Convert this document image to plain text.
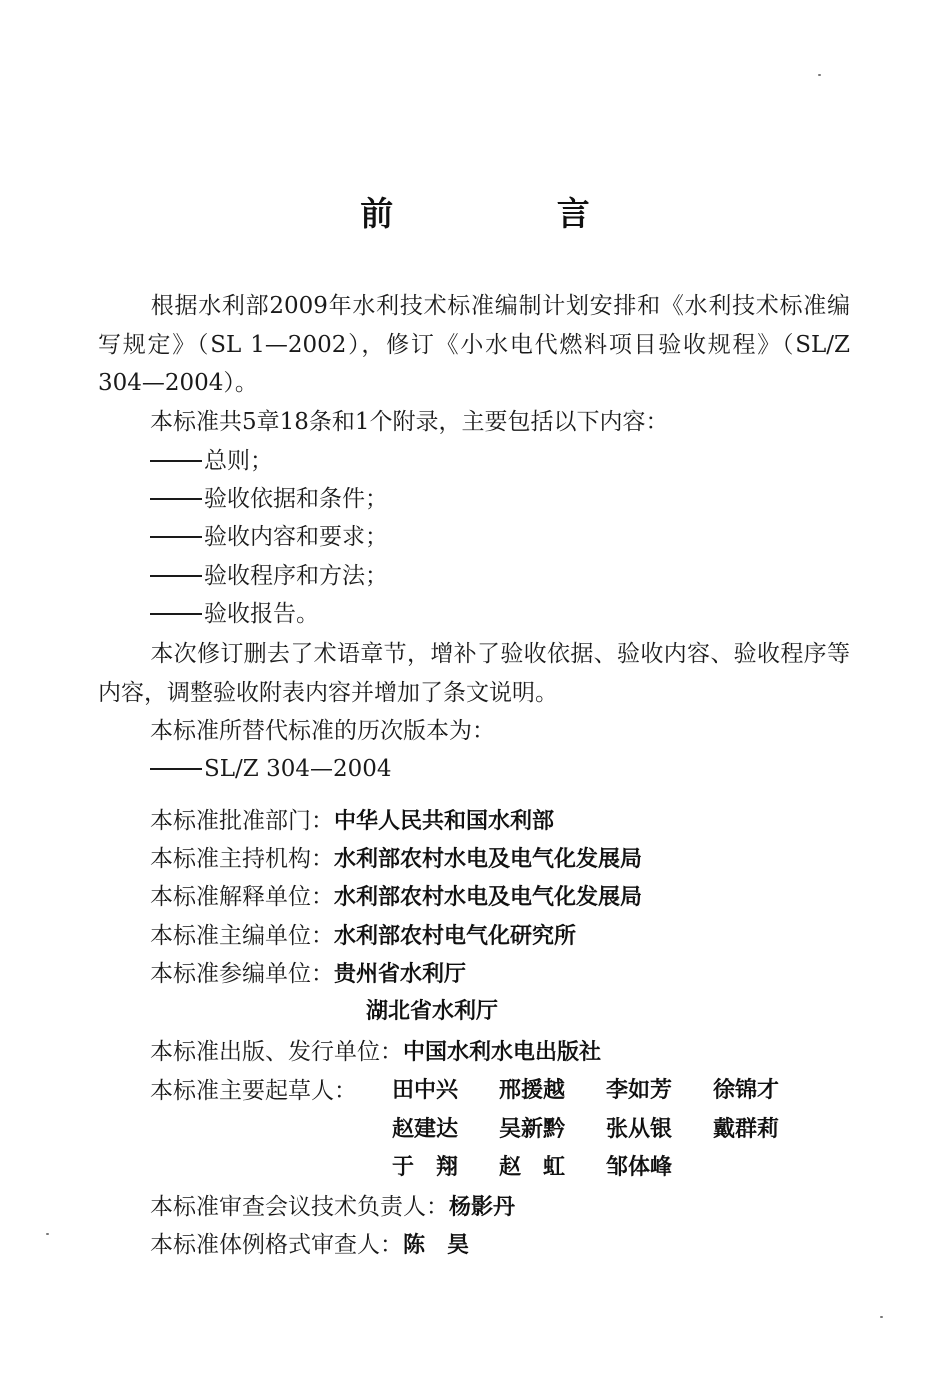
前 言
根据水利部2009年水利技术标准编制计划安排和《水利技术标准编写规定》（SL 1—2002），修订《小水电代燃料项目验收规程》（SL/Z 304—2004）。
本标准共5章18条和1个附录，主要包括以下内容：
总则；
验收依据和条件；
验收内容和要求；
验收程序和方法；
验收报告。
本次修订删去了术语章节，增补了验收依据、验收内容、验收程序等内容，调整验收附表内容并增加了条文说明。
本标准所替代标准的历次版本为：
SL/Z 304—2004
本标准批准部门：中华人民共和国水利部
本标准主持机构：水利部农村水电及电气化发展局
本标准解释单位：水利部农村水电及电气化发展局
本标准主编单位：水利部农村电气化研究所
本标准参编单位：贵州省水利厅
湖北省水利厅
本标准出版、发行单位：中国水利水电出版社
本标准主要起草人： 田中兴 邢援越 李如芳 徐锦才
赵建达 吴新黔 张从银 戴群莉
于　翔 赵　虹 邹体峰
本标准审查会议技术负责人：杨影丹
本标准体例格式审查人：陈　昊
